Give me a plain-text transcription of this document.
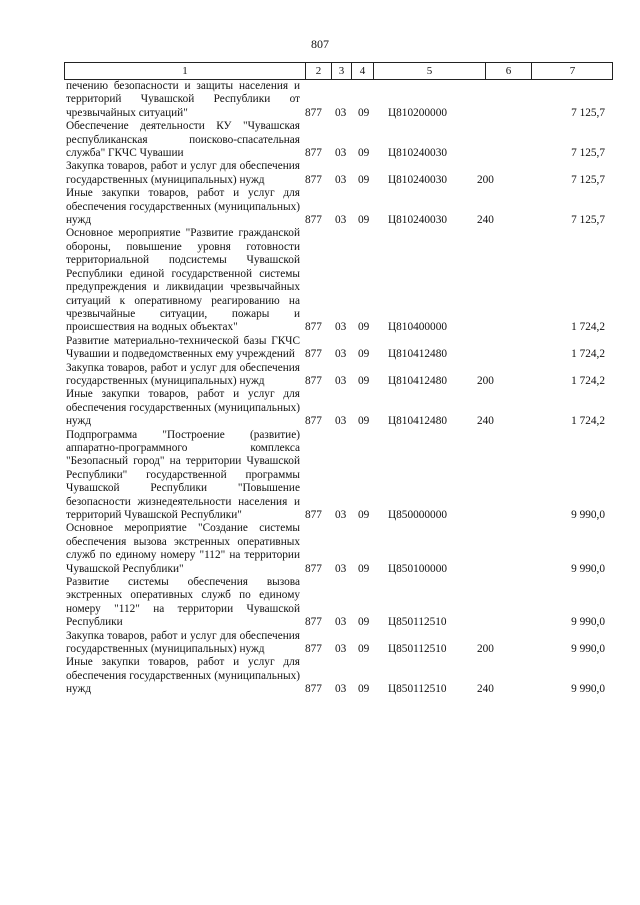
807
1	2	3	4	5	6	7
печению безопасности и защиты населения и территорий Чувашской Республики от чрезвычайных ситуаций"	877 03 09 Ц810200000	7 125,7
Обеспечение деятельности КУ "Чувашская республиканская поисково-спасательная служба" ГКЧС Чувашии	877 03 09 Ц810240030	7 125,7
Закупка товаров, работ и услуг для обеспечения государственных (муниципальных) нужд	877 03 09 Ц810240030	200	7 125,7
Иные закупки товаров, работ и услуг для обеспечения государственных (муниципальных) нужд	877 03 09 Ц810240030	240	7 125,7
Основное мероприятие "Развитие гражданской обороны, повышение уровня готовности территориальной подсистемы Чувашской Республики единой государственной системы предупреждения и ликвидации чрезвычайных ситуаций к оперативному реагированию на чрезвычайные ситуации, пожары и происшествия на водных объектах"	877 03 09 Ц810400000	1 724,2
Развитие материально-технической базы ГКЧС Чувашии и подведомственных ему учреждений 877 03 09 Ц810412480	1 724,2
Закупка товаров, работ и услуг для обеспечения государственных (муниципальных) нужд	877 03 09 Ц810412480	200	1 724,2
Иные закупки товаров, работ и услуг для обеспечения государственных (муниципальных) нужд	877 03 09 Ц810412480	240	1 724,2
Подпрограмма "Построение (развитие) аппаратно-программного комплекса "Безопасный город" на территории Чувашской Республики" государственной программы Чувашской Республики "Повышение безопасности жизнедеятельности населения и территорий Чувашской Республики"	877 03 09 Ц850000000	9 990,0
Основное мероприятие "Создание системы обеспечения вызова экстренных оперативных служб по единому номеру "112" на территории Чувашской Республики"	877 03 09 Ц850100000	9 990,0
Развитие системы обеспечения вызова экстренных оперативных служб по единому номеру "112" на территории Чувашской Республики	877 03 09 Ц850112510	9 990,0
Закупка товаров, работ и услуг для обеспечения государственных (муниципальных) нужд	877 03 09 Ц850112510	200	9 990,0
Иные закупки товаров, работ и услуг для обеспечения государственных (муниципальных) нужд	877 03 09 Ц850112510	240	9 990,0
